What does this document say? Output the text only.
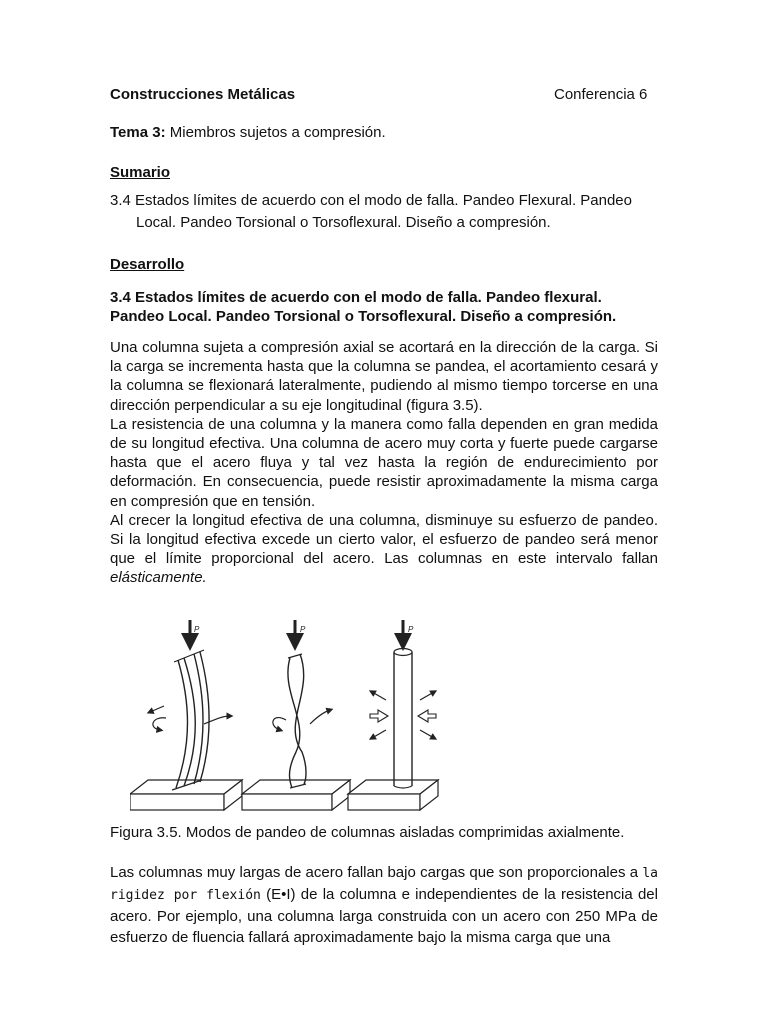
Construcciones Metálicas	Conferencia 6
Tema 3: Miembros sujetos a compresión.
Sumario
3.4 Estados límites de acuerdo con el modo de falla. Pandeo Flexural. Pandeo
Local. Pandeo Torsional o Torsoflexural. Diseño a compresión.
Desarrollo
3.4 Estados límites de acuerdo con el modo de falla. Pandeo flexural.
Pandeo Local. Pandeo Torsional o Torsoflexural. Diseño a compresión.

Una columna sujeta a compresión axial se acortará en la dirección de la carga. Si la carga se incrementa hasta que la columna se pandea, el acortamiento cesará y la columna se flexionará lateralmente, pudiendo al mismo tiempo torcerse en una dirección perpendicular a su eje longitudinal (figura 3.5).

La resistencia de una columna y la manera como falla dependen en gran medida de su longitud efectiva. Una columna de acero muy corta y fuerte puede cargarse hasta que el acero fluya y tal vez hasta la región de endurecimiento por deformación. En consecuencia, puede resistir aproximadamente la misma carga en compresión que en tensión.

Al crecer la longitud efectiva de una columna, disminuye su esfuerzo de pandeo. Si la longitud efectiva excede un cierto valor, el esfuerzo de pandeo será menor que el límite proporcional del acero. Las columnas en este intervalo fallan elásticamente.

Figura 3.5. Modos de pandeo de columnas aisladas comprimidas axialmente.

Las columnas muy largas de acero fallan bajo cargas que son proporcionales a la rigidez por flexión (E•I) de la columna e independientes de la resistencia del acero. Por ejemplo, una columna larga construida con un acero con 250 MPa de esfuerzo de fluencia fallará aproximadamente bajo la misma carga que una

P	P	P
